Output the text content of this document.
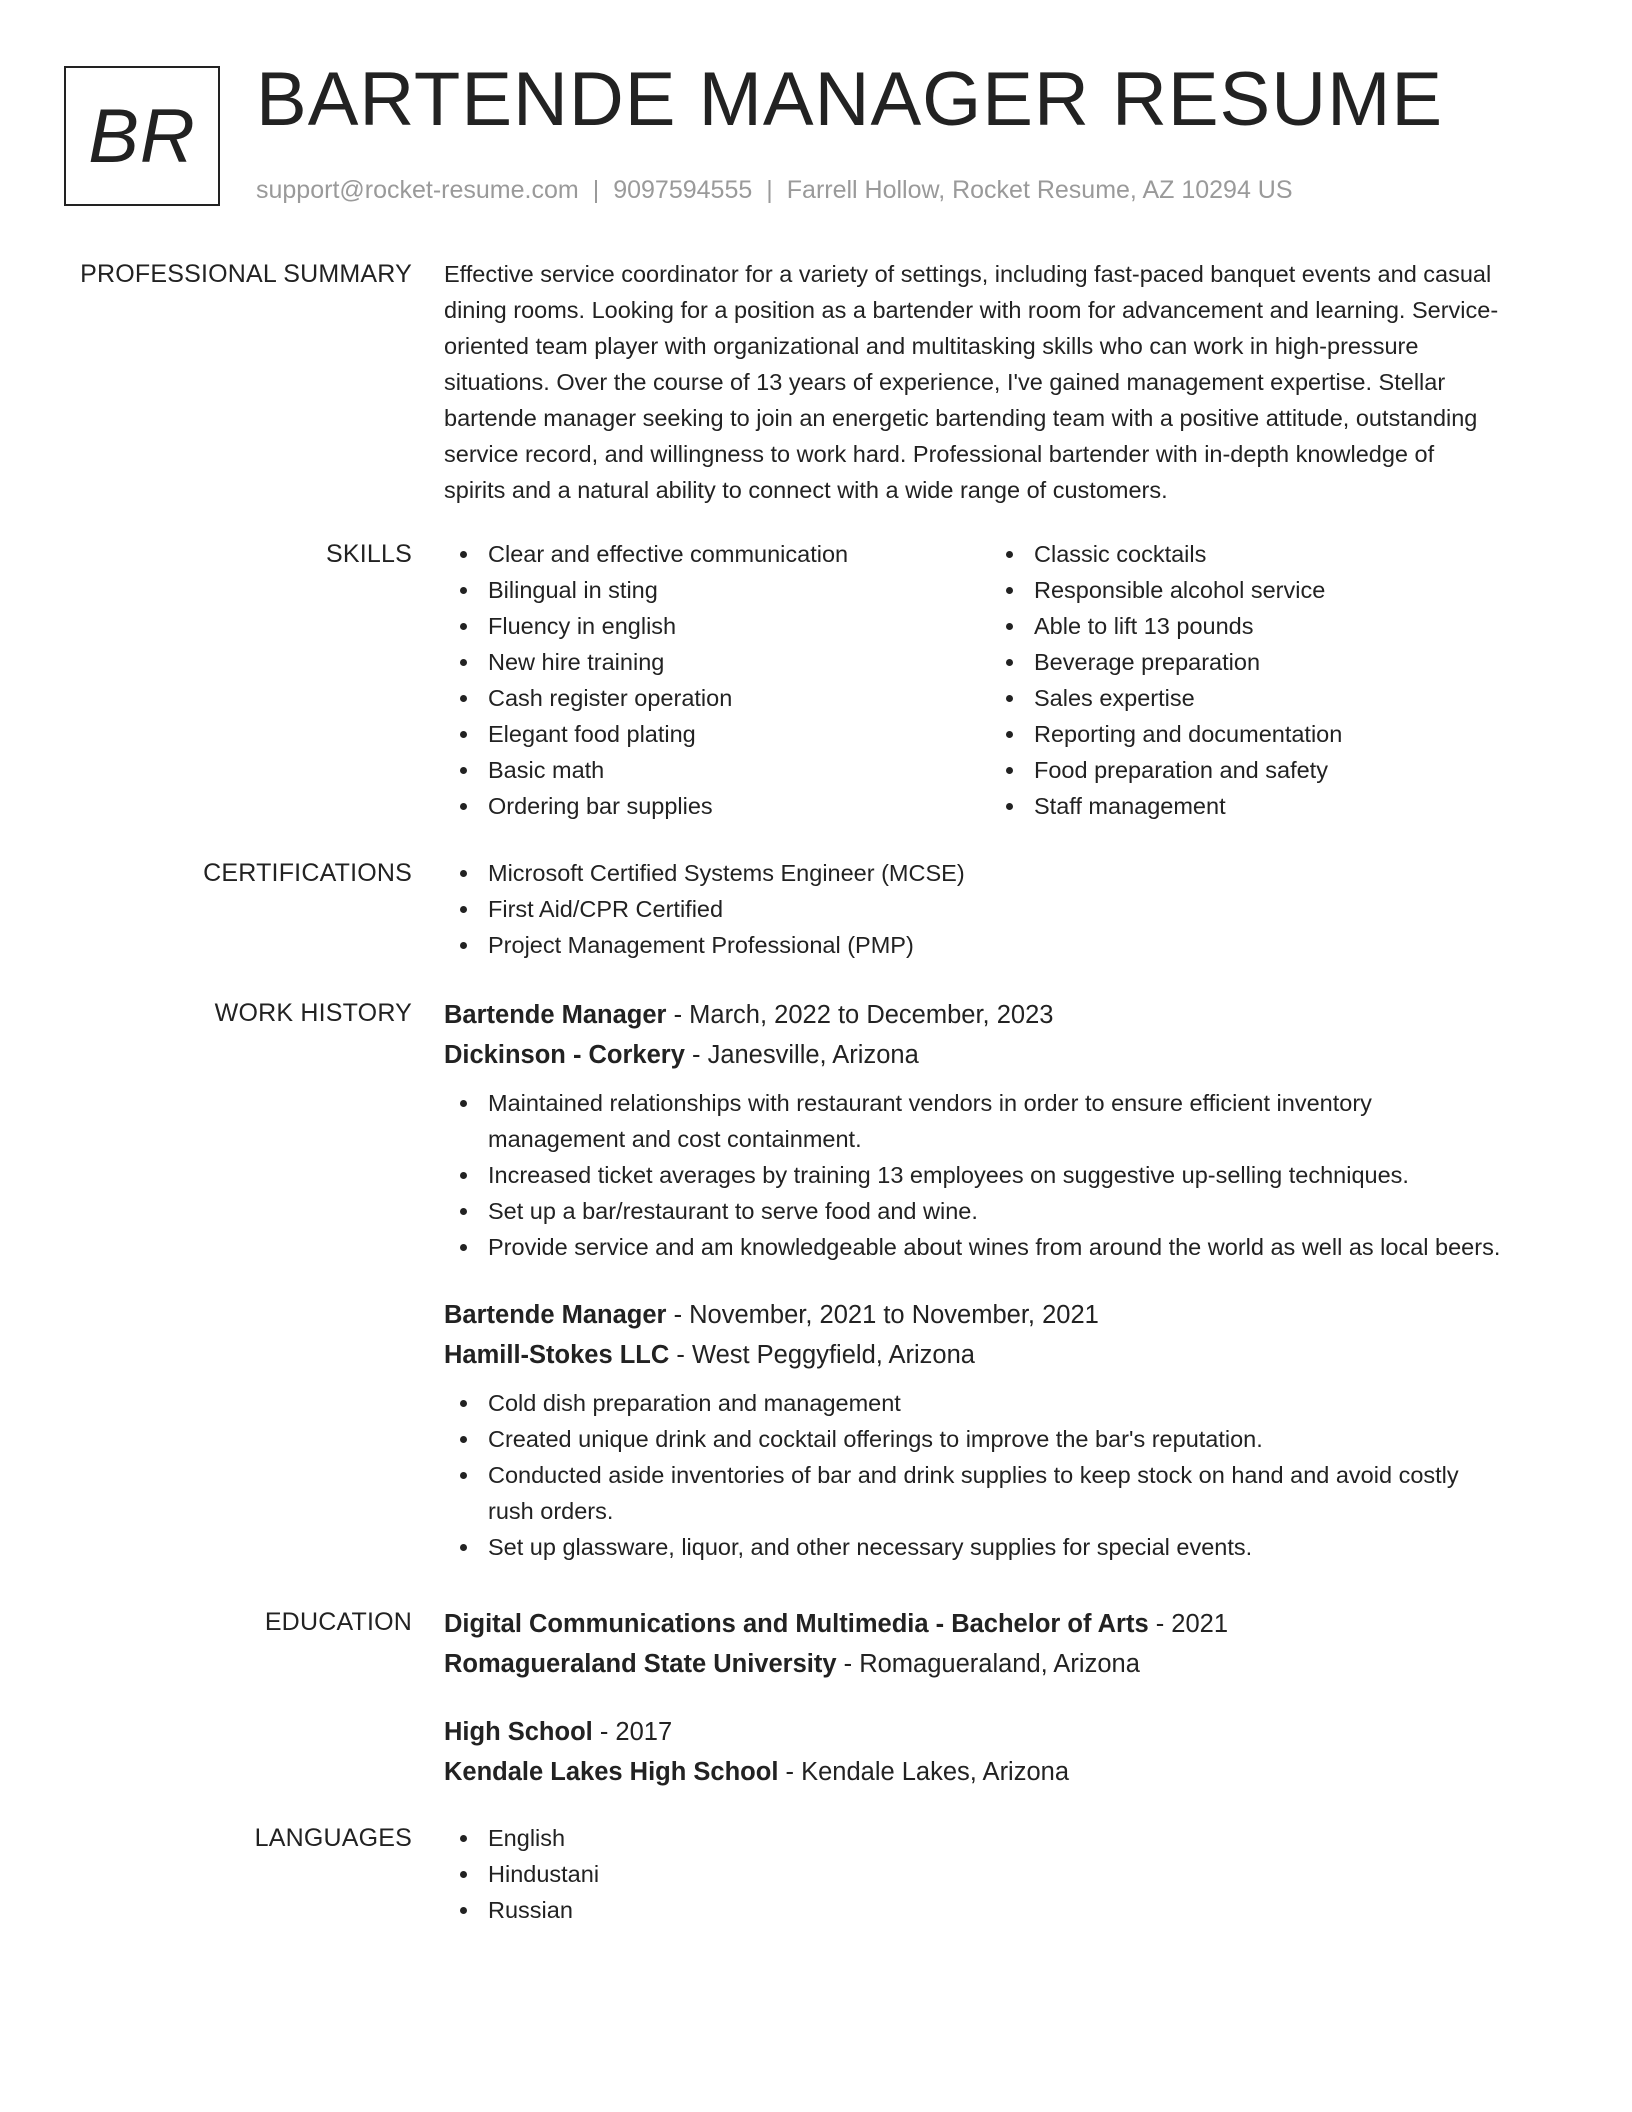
BR BARTENDE MANAGER RESUME
support@rocket-resume.com | 9097594555 | Farrell Hollow, Rocket Resume, AZ 10294 US
PROFESSIONAL SUMMARY Effective service coordinator for a variety of settings, including fast-paced banquet events and casual
dining rooms. Looking for a position as a bartender with room for advancement and learning. Service-
oriented team player with organizational and multitasking skills who can work in high-pressure
situations. Over the course of 13 years of experience, I've gained management expertise. Stellar
bartende manager seeking to join an energetic bartending team with a positive attitude, outstanding
service record, and willingness to work hard. Professional bartender with in-depth knowledge of
spirits and a natural ability to connect with a wide range of customers.
SKILLS	Clear and effective communication
Bilingual in sting
Fluency in english
New hire training
Cash register operation
Elegant food plating
Basic math
Ordering bar supplies
Classic cocktails
Responsible alcohol service
Able to lift 13 pounds
Beverage preparation
Sales expertise
Reporting and documentation
Food preparation and safety
Staff management
CERTIFICATIONS	Microsoft Certified Systems Engineer (MCSE)
First Aid/CPR Certified
Project Management Professional (PMP)
WORK HISTORY Bartende Manager - March, 2022 to December, 2023
Dickinson - Corkery - Janesville, Arizona
Maintained relationships with restaurant vendors in order to ensure efficient inventory
management and cost containment.
Increased ticket averages by training 13 employees on suggestive up-selling techniques.
Set up a bar/restaurant to serve food and wine.
Provide service and am knowledgeable about wines from around the world as well as local beers.
Bartende Manager - November, 2021 to November, 2021
Hamill-Stokes LLC - West Peggyfield, Arizona
Cold dish preparation and management
Created unique drink and cocktail offerings to improve the bar's reputation.
Conducted aside inventories of bar and drink supplies to keep stock on hand and avoid costly
rush orders.
Set up glassware, liquor, and other necessary supplies for special events.
EDUCATION Digital Communications and Multimedia - Bachelor of Arts - 2021
Romagueraland State University - Romagueraland, Arizona
High School - 2017
Kendale Lakes High School - Kendale Lakes, Arizona
LANGUAGES	English
Hindustani
Russian
